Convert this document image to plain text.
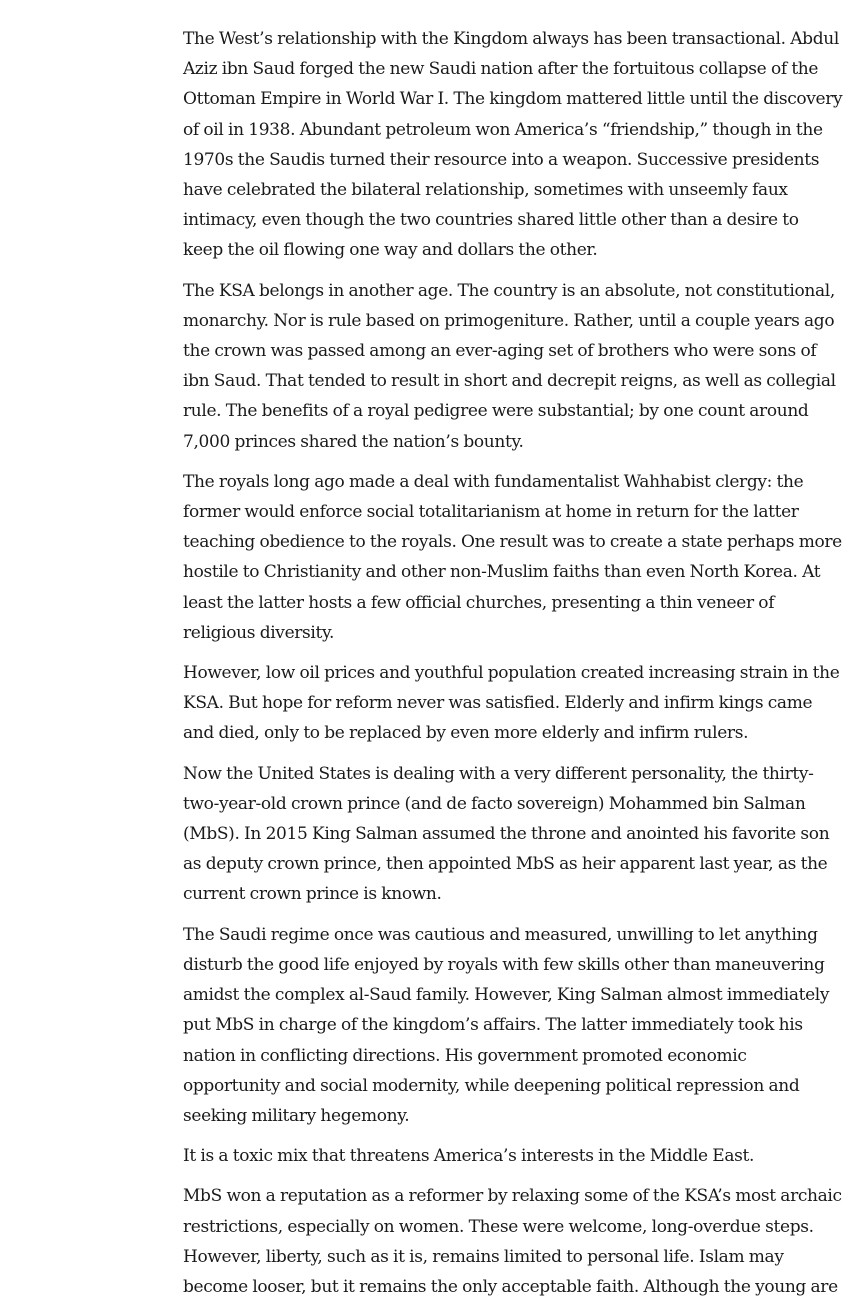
The West’s relationship with the Kingdom always has been transactional. Abdul Aziz ibn Saud forged the new Saudi nation after the fortuitous collapse of the Ottoman Empire in World War I. The kingdom mattered little until the discovery of oil in 1938. Abundant petroleum won America’s “friendship,” though in the 1970s the Saudis turned their resource into a weapon. Successive presidents have celebrated the bilateral relationship, sometimes with unseemly faux intimacy, even though the two countries shared little other than a desire to keep the oil flowing one way and dollars the other.

The KSA belongs in another age. The country is an absolute, not constitutional, monarchy. Nor is rule based on primogeniture. Rather, until a couple years ago the crown was passed among an ever-aging set of brothers who were sons of ibn Saud. That tended to result in short and decrepit reigns, as well as collegial rule. The benefits of a royal pedigree were substantial; by one count around 7,000 princes shared the nation’s bounty.

The royals long ago made a deal with fundamentalist Wahhabist clergy: the former would enforce social totalitarianism at home in return for the latter teaching obedience to the royals. One result was to create a state perhaps more hostile to Christianity and other non-Muslim faiths than even North Korea. At least the latter hosts a few official churches, presenting a thin veneer of religious diversity.

However, low oil prices and youthful population created increasing strain in the KSA. But hope for reform never was satisfied. Elderly and infirm kings came and died, only to be replaced by even more elderly and infirm rulers.

Now the United States is dealing with a very different personality, the thirty-two-year-old crown prince (and de facto sovereign) Mohammed bin Salman (MbS). In 2015 King Salman assumed the throne and anointed his favorite son as deputy crown prince, then appointed MbS as heir apparent last year, as the current crown prince is known.

The Saudi regime once was cautious and measured, unwilling to let anything disturb the good life enjoyed by royals with few skills other than maneuvering amidst the complex al-Saud family. However, King Salman almost immediately put MbS in charge of the kingdom’s affairs. The latter immediately took his nation in conflicting directions. His government promoted economic opportunity and social modernity, while deepening political repression and seeking military hegemony.

It is a toxic mix that threatens America’s interests in the Middle East.

MbS won a reputation as a reformer by relaxing some of the KSA’s most archaic restrictions, especially on women. These were welcome, long-overdue steps. However, liberty, such as it is, remains limited to personal life. Islam may become looser, but it remains the only acceptable faith. Although the young are
